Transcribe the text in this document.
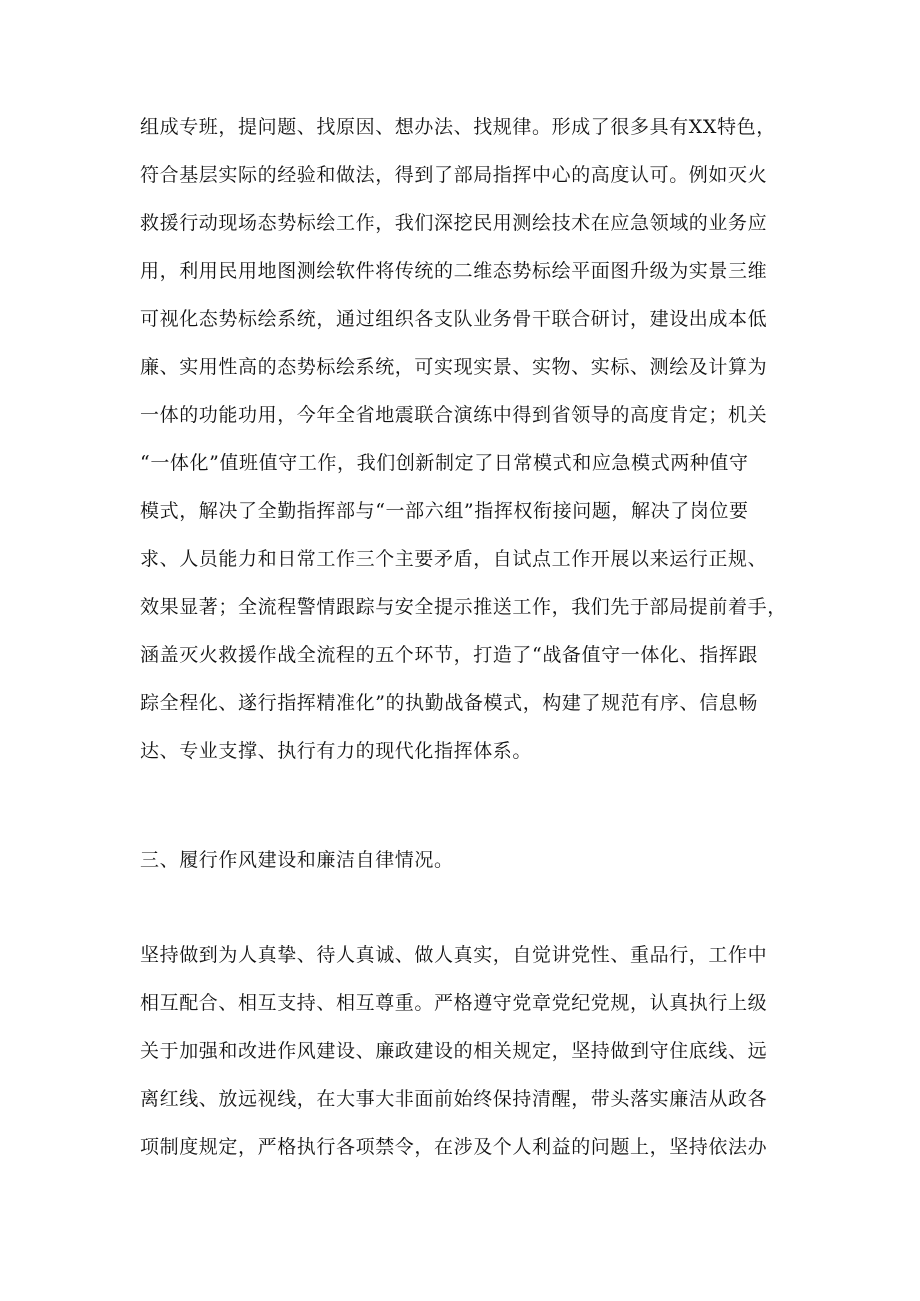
组成专班，提问题、找原因、想办法、找规律。形成了很多具有XX特色，
符合基层实际的经验和做法，得到了部局指挥中心的高度认可。例如灭火
救援行动现场态势标绘工作，我们深挖民用测绘技术在应急领域的业务应
用，利用民用地图测绘软件将传统的二维态势标绘平面图升级为实景三维
可视化态势标绘系统，通过组织各支队业务骨干联合研讨，建设出成本低
廉、实用性高的态势标绘系统，可实现实景、实物、实标、测绘及计算为
一体的功能功用，今年全省地震联合演练中得到省领导的高度肯定；机关
“一体化”值班值守工作，我们创新制定了日常模式和应急模式两种值守
模式，解决了全勤指挥部与“一部六组”指挥权衔接问题，解决了岗位要
求、人员能力和日常工作三个主要矛盾，自试点工作开展以来运行正规、
效果显著；全流程警情跟踪与安全提示推送工作，我们先于部局提前着手，
涵盖灭火救援作战全流程的五个环节，打造了“战备值守一体化、指挥跟
踪全程化、遂行指挥精准化”的执勤战备模式，构建了规范有序、信息畅
达、专业支撑、执行有力的现代化指挥体系。

三、履行作风建设和廉洁自律情况。

坚持做到为人真挚、待人真诚、做人真实，自觉讲党性、重品行，工作中
相互配合、相互支持、相互尊重。严格遵守党章党纪党规，认真执行上级
关于加强和改进作风建设、廉政建设的相关规定，坚持做到守住底线、远
离红线、放远视线，在大事大非面前始终保持清醒，带头落实廉洁从政各
项制度规定，严格执行各项禁令，在涉及个人利益的问题上，坚持依法办
